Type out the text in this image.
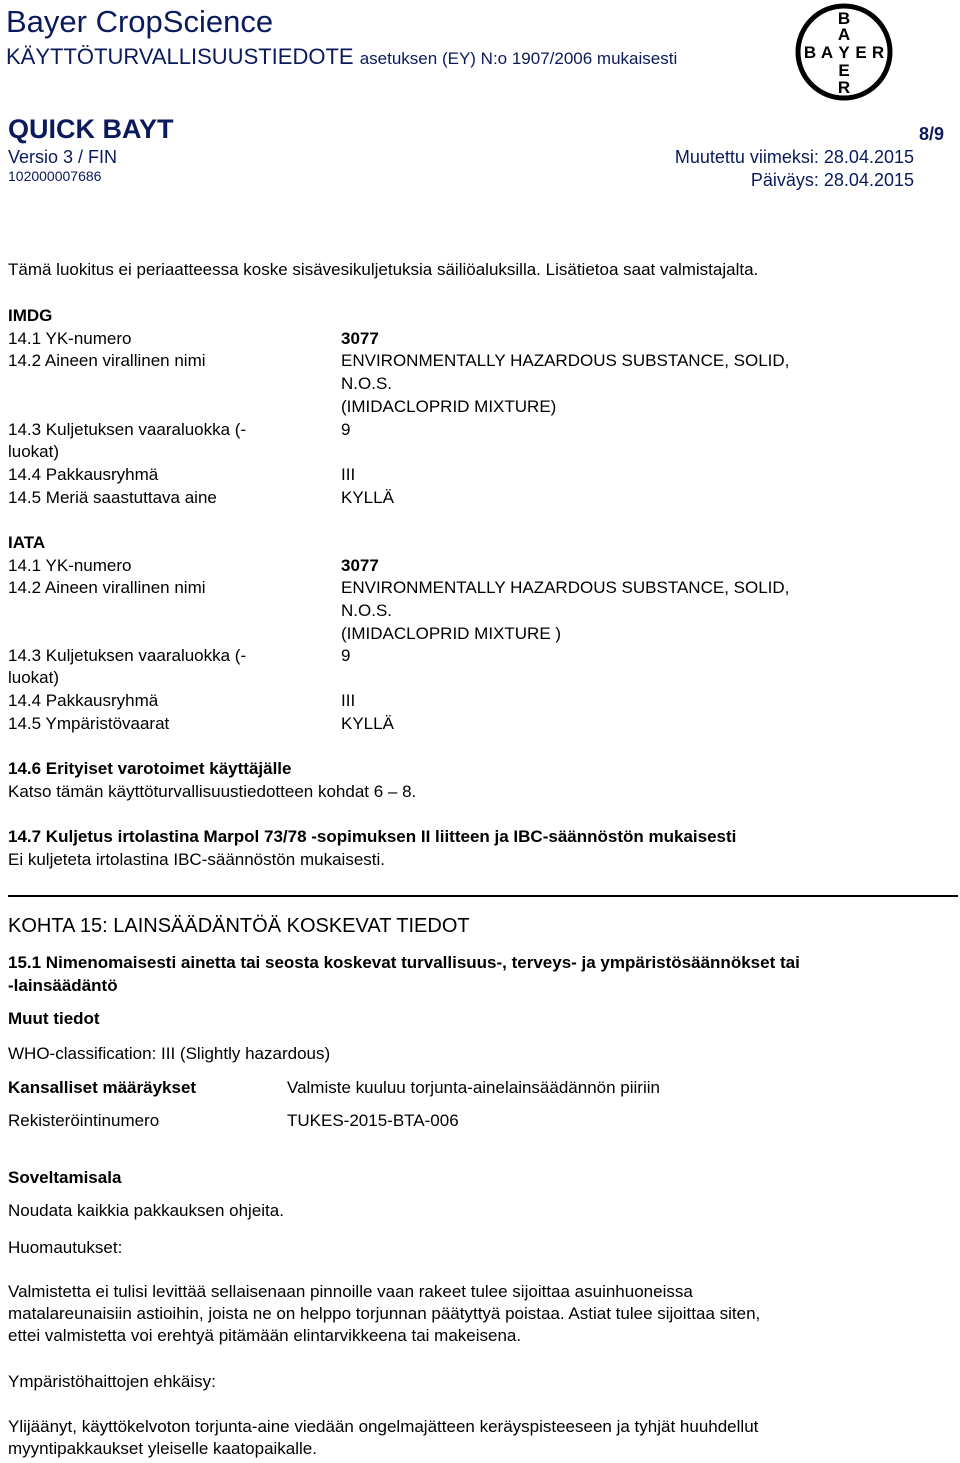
Bayer CropScience
KÄYTTÖTURVALLISUUSTIEDOTE asetuksen (EY) N:o 1907/2006 mukaisesti
QUICK BAYT	8/9
Versio 3 / FIN	Muutettu viimeksi: 28.04.2015
102000007686	Päiväys: 28.04.2015
B
A
B A Y E R
E
R
Tämä luokitus ei periaatteessa koske sisävesikuljetuksia säiliöaluksilla. Lisätietoa saat valmistajalta.
IMDG
14.1 YK-numero	3077
14.2 Aineen virallinen nimi	ENVIRONMENTALLY HAZARDOUS SUBSTANCE, SOLID,
N.O.S.
(IMIDACLOPRID MIXTURE)
14.3 Kuljetuksen vaaraluokka (-	9
luokat)
14.4 Pakkausryhmä	III
14.5 Meriä saastuttava aine	KYLLÄ
IATA
14.1 YK-numero	3077
14.2 Aineen virallinen nimi	ENVIRONMENTALLY HAZARDOUS SUBSTANCE, SOLID,
N.O.S.
(IMIDACLOPRID MIXTURE )
14.3 Kuljetuksen vaaraluokka (-	9
luokat)
14.4 Pakkausryhmä	III
14.5 Ympäristövaarat	KYLLÄ
14.6 Erityiset varotoimet käyttäjälle
Katso tämän käyttöturvallisuustiedotteen kohdat 6 – 8.
14.7 Kuljetus irtolastina Marpol 73/78 -sopimuksen II liitteen ja IBC-säännöstön mukaisesti
Ei kuljeteta irtolastina IBC-säännöstön mukaisesti.
KOHTA 15: LAINSÄÄDÄNTÖÄ KOSKEVAT TIEDOT
15.1 Nimenomaisesti ainetta tai seosta koskevat turvallisuus-, terveys- ja ympäristösäännökset tai
-lainsäädäntö
Muut tiedot
WHO-classification: III (Slightly hazardous)
Kansalliset määräykset	Valmiste kuuluu torjunta-ainelainsäädännön piiriin
Rekisteröintinumero	TUKES-2015-BTA-006
Soveltamisala
Noudata kaikkia pakkauksen ohjeita.
Huomautukset:
Valmistetta ei tulisi levittää sellaisenaan pinnoille vaan rakeet tulee sijoittaa asuinhuoneissa
matalareunaisiin astioihin, joista ne on helppo torjunnan päätyttyä poistaa. Astiat tulee sijoittaa siten,
ettei valmistetta voi erehtyä pitämään elintarvikkeena tai makeisena.
Ympäristöhaittojen ehkäisy:
Ylijäänyt, käyttökelvoton torjunta-aine viedään ongelmajätteen keräyspisteeseen ja tyhjät huuhdellut
myyntipakkaukset yleiselle kaatopaikalle.
